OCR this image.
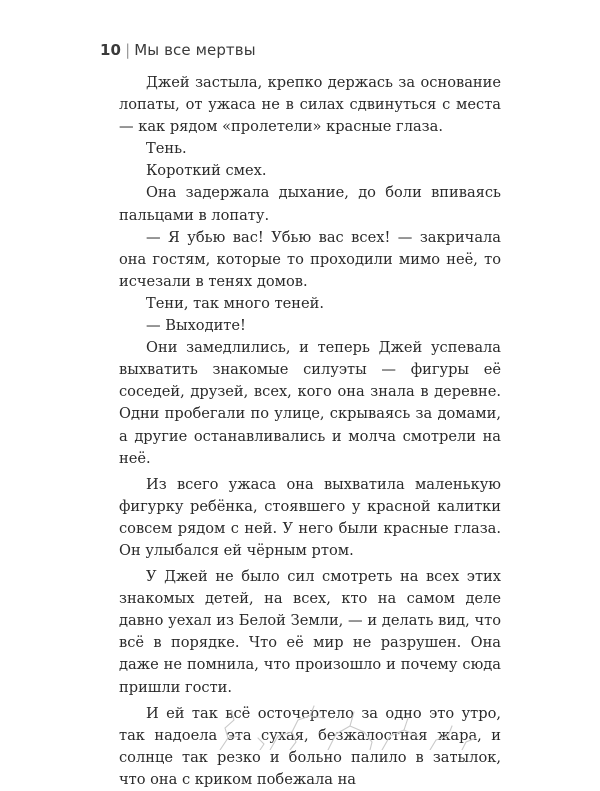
10 | Мы все мертвы

Джей застыла, крепко держась за основание лопаты, от ужаса не в силах сдвинуться с места — как рядом «пролетели» красные глаза.

Тень.

Короткий смех.

Она задержала дыхание, до боли впиваясь пальцами в лопату.

— Я убью вас! Убью вас всех! — закричала она гостям, которые то проходили мимо неё, то исчезали в тенях домов.

Тени, так много теней.

— Выходите!

Они замедлились, и теперь Джей успевала выхватить знакомые силуэты — фигуры её соседей, друзей, всех, кого она знала в деревне. Одни пробегали по улице, скрываясь за домами, а другие останавливались и молча смотрели на неё.

Из всего ужаса она выхватила маленькую фигурку ребёнка, стоявшего у красной калитки совсем рядом с ней. У него были красные глаза. Он улыбался ей чёрным ртом.

У Джей не было сил смотреть на всех этих знакомых детей, на всех, кто на самом деле давно уехал из Белой Земли, — и делать вид, что всё в порядке. Что её мир не разрушен. Она даже не помнила, что произошло и почему сюда пришли гости.

И ей так всё осточертело за одно это утро, так надоела эта сухая, безжалостная жара, и солнце так резко и больно палило в затылок, что она с криком побежала на
